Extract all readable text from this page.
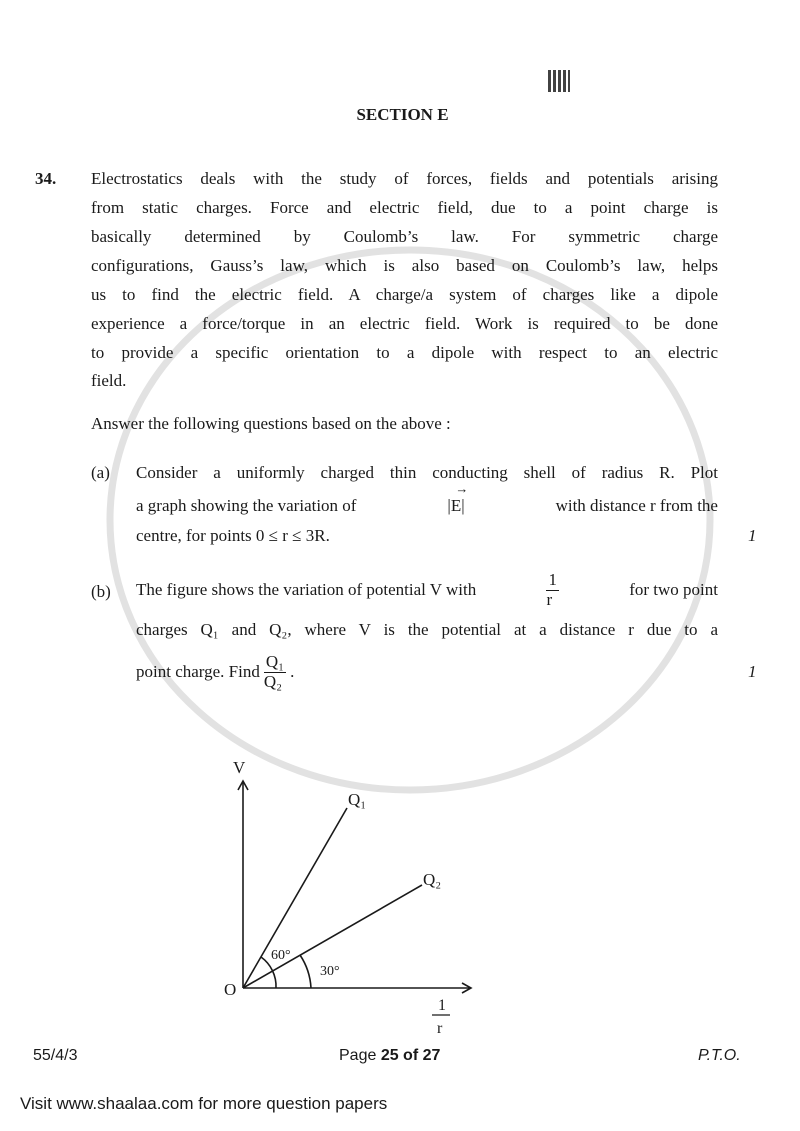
SECTION E
34. Electrostatics deals with the study of forces, fields and potentials arising
from static charges. Force and electric field, due to a point charge is
basically determined by Coulomb’s law. For symmetric charge
configurations, Gauss’s law, which is also based on Coulomb’s law, helps
us to find the electric field. A charge/a system of charges like a dipole
experience a force/torque in an electric field. Work is required to be done
to provide a specific orientation to a dipole with respect to an electric
field.
Answer the following questions based on the above :
(a) Consider a uniformly charged thin conducting shell of radius R. Plot
a graph showing the variation of
→
|E|	with distance r from the
centre, for points 0 ≤ r ≤ 3R.	1
(b) The figure shows the variation of potential V with	$\frac{1}{r}$	for two point
charges Q₁ and Q₂, where V is the potential at a distance r due to a
point charge. Find $\frac{\text{Q₁}}{\text{Q₂}}$ .	1
V
O
Q₁
Q₂
60°
30°
1
r
55/4/3	Page 25 of 27	P.T.O.
Visit www.shaalaa.com for more question papers
